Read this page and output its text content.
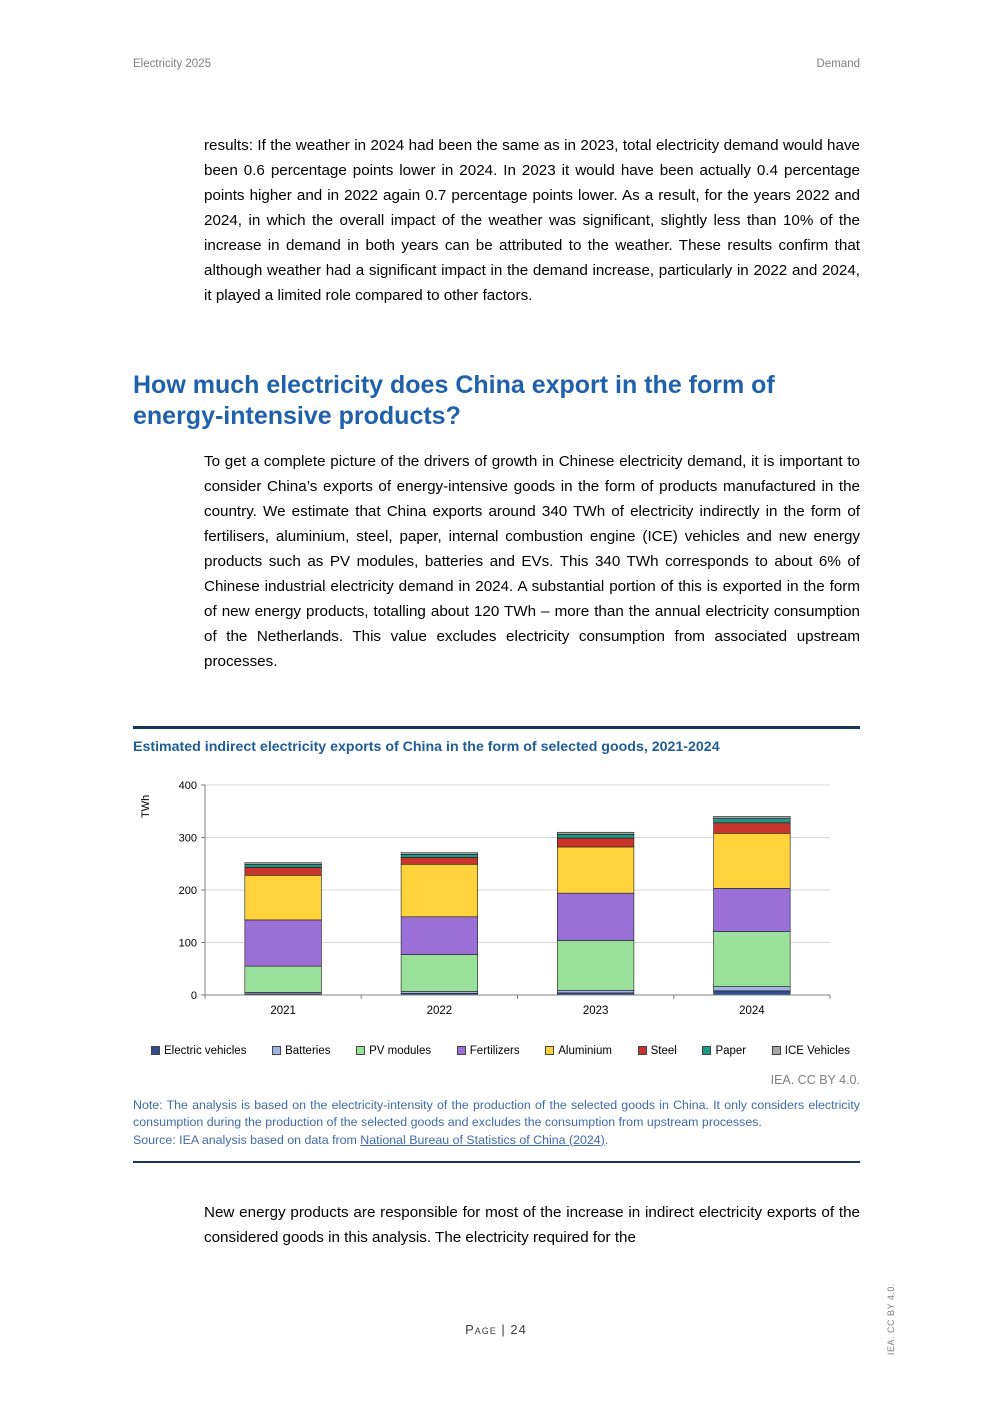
Electricity 2025	Demand

results: If the weather in 2024 had been the same as in 2023, total electricity demand would have been 0.6 percentage points lower in 2024. In 2023 it would have been actually 0.4 percentage points higher and in 2022 again 0.7 percentage points lower. As a result, for the years 2022 and 2024, in which the overall impact of the weather was significant, slightly less than 10% of the increase in demand in both years can be attributed to the weather. These results confirm that although weather had a significant impact in the demand increase, particularly in 2022 and 2024, it played a limited role compared to other factors.

How much electricity does China export in the form of energy-intensive products?

To get a complete picture of the drivers of growth in Chinese electricity demand, it is important to consider China’s exports of energy-intensive goods in the form of products manufactured in the country. We estimate that China exports around 340 TWh of electricity indirectly in the form of fertilisers, aluminium, steel, paper, internal combustion engine (ICE) vehicles and new energy products such as PV modules, batteries and EVs. This 340 TWh corresponds to about 6% of Chinese industrial electricity demand in 2024. A substantial portion of this is exported in the form of new energy products, totalling about 120 TWh – more than the annual electricity consumption of the Netherlands. This value excludes electricity consumption from associated upstream processes.

Estimated indirect electricity exports of China in the form of selected goods, 2021-2024
0
100
200
300
400
TWh
2021	2022	2023	2024
Electric vehicles	Batteries	PV modules	Fertilizers	Aluminium	Steel	Paper	ICE Vehicles
IEA. CC BY 4.0.
Note: The analysis is based on the electricity-intensity of the production of the selected goods in China. It only considers electricity consumption during the production of the selected goods and excludes the consumption from upstream processes.
Source: IEA analysis based on data from National Bureau of Statistics of China (2024).

New energy products are responsible for most of the increase in indirect electricity exports of the considered goods in this analysis. The electricity required for the

Page | 24	IEA. CC BY 4.0.
